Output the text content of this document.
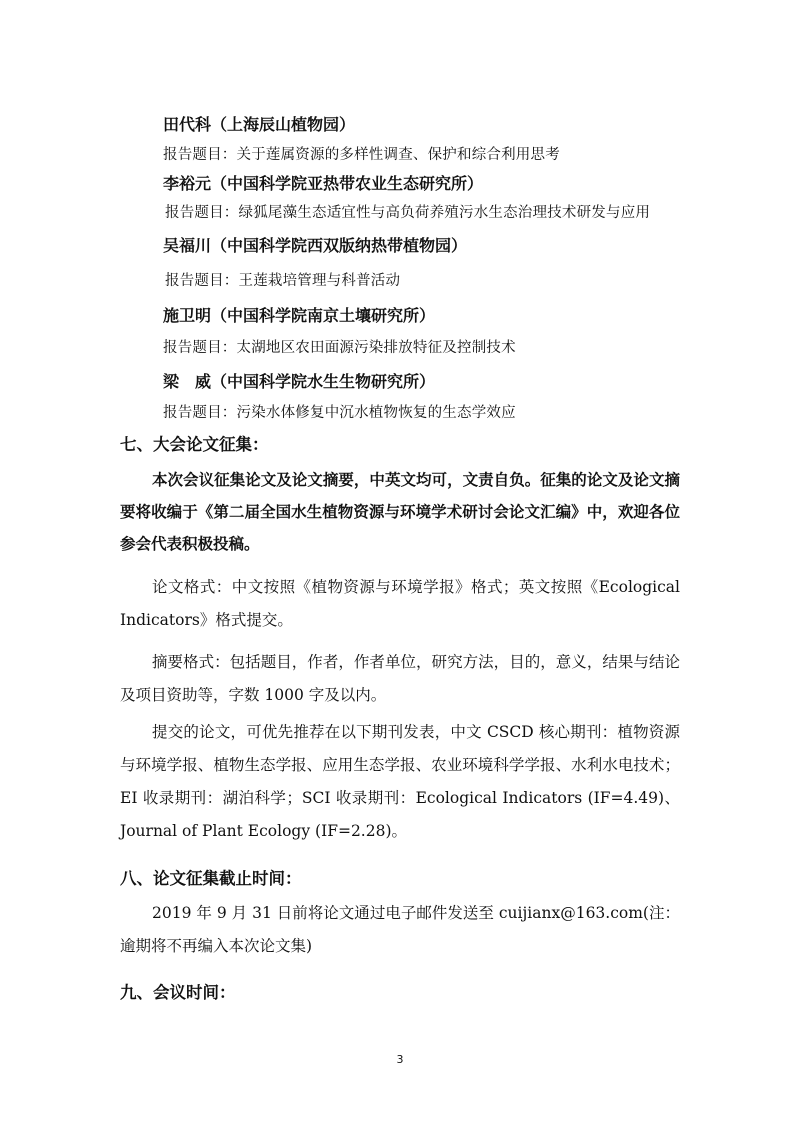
田代科（上海辰山植物园）
报告题目：关于莲属资源的多样性调查、保护和综合利用思考
李裕元（中国科学院亚热带农业生态研究所）
报告题目：绿狐尾藻生态适宜性与高负荷养殖污水生态治理技术研发与应用
吴福川（中国科学院西双版纳热带植物园）
报告题目：王莲栽培管理与科普活动
施卫明（中国科学院南京土壤研究所）
报告题目：太湖地区农田面源污染排放特征及控制技术
梁　威（中国科学院水生生物研究所）
报告题目：污染水体修复中沉水植物恢复的生态学效应
七、大会论文征集：
本次会议征集论文及论文摘要，中英文均可，文责自负。征集的论文及论文摘要将收编于《第二届全国水生植物资源与环境学术研讨会论文汇编》中，欢迎各位参会代表积极投稿。
论文格式：中文按照《植物资源与环境学报》格式；英文按照《Ecological Indicators》格式提交。
摘要格式：包括题目，作者，作者单位，研究方法，目的，意义，结果与结论及项目资助等，字数 1000 字及以内。
提交的论文，可优先推荐在以下期刊发表，中文 CSCD 核心期刊：植物资源与环境学报、植物生态学报、应用生态学报、农业环境科学学报、水利水电技术；EI 收录期刊：湖泊科学；SCI 收录期刊：Ecological Indicators (IF=4.49)、Journal of Plant Ecology (IF=2.28)。
八、论文征集截止时间：
2019 年 9 月 31 日前将论文通过电子邮件发送至 cuijianx@163.com(注：逾期将不再编入本次论文集)
九、会议时间：
3
